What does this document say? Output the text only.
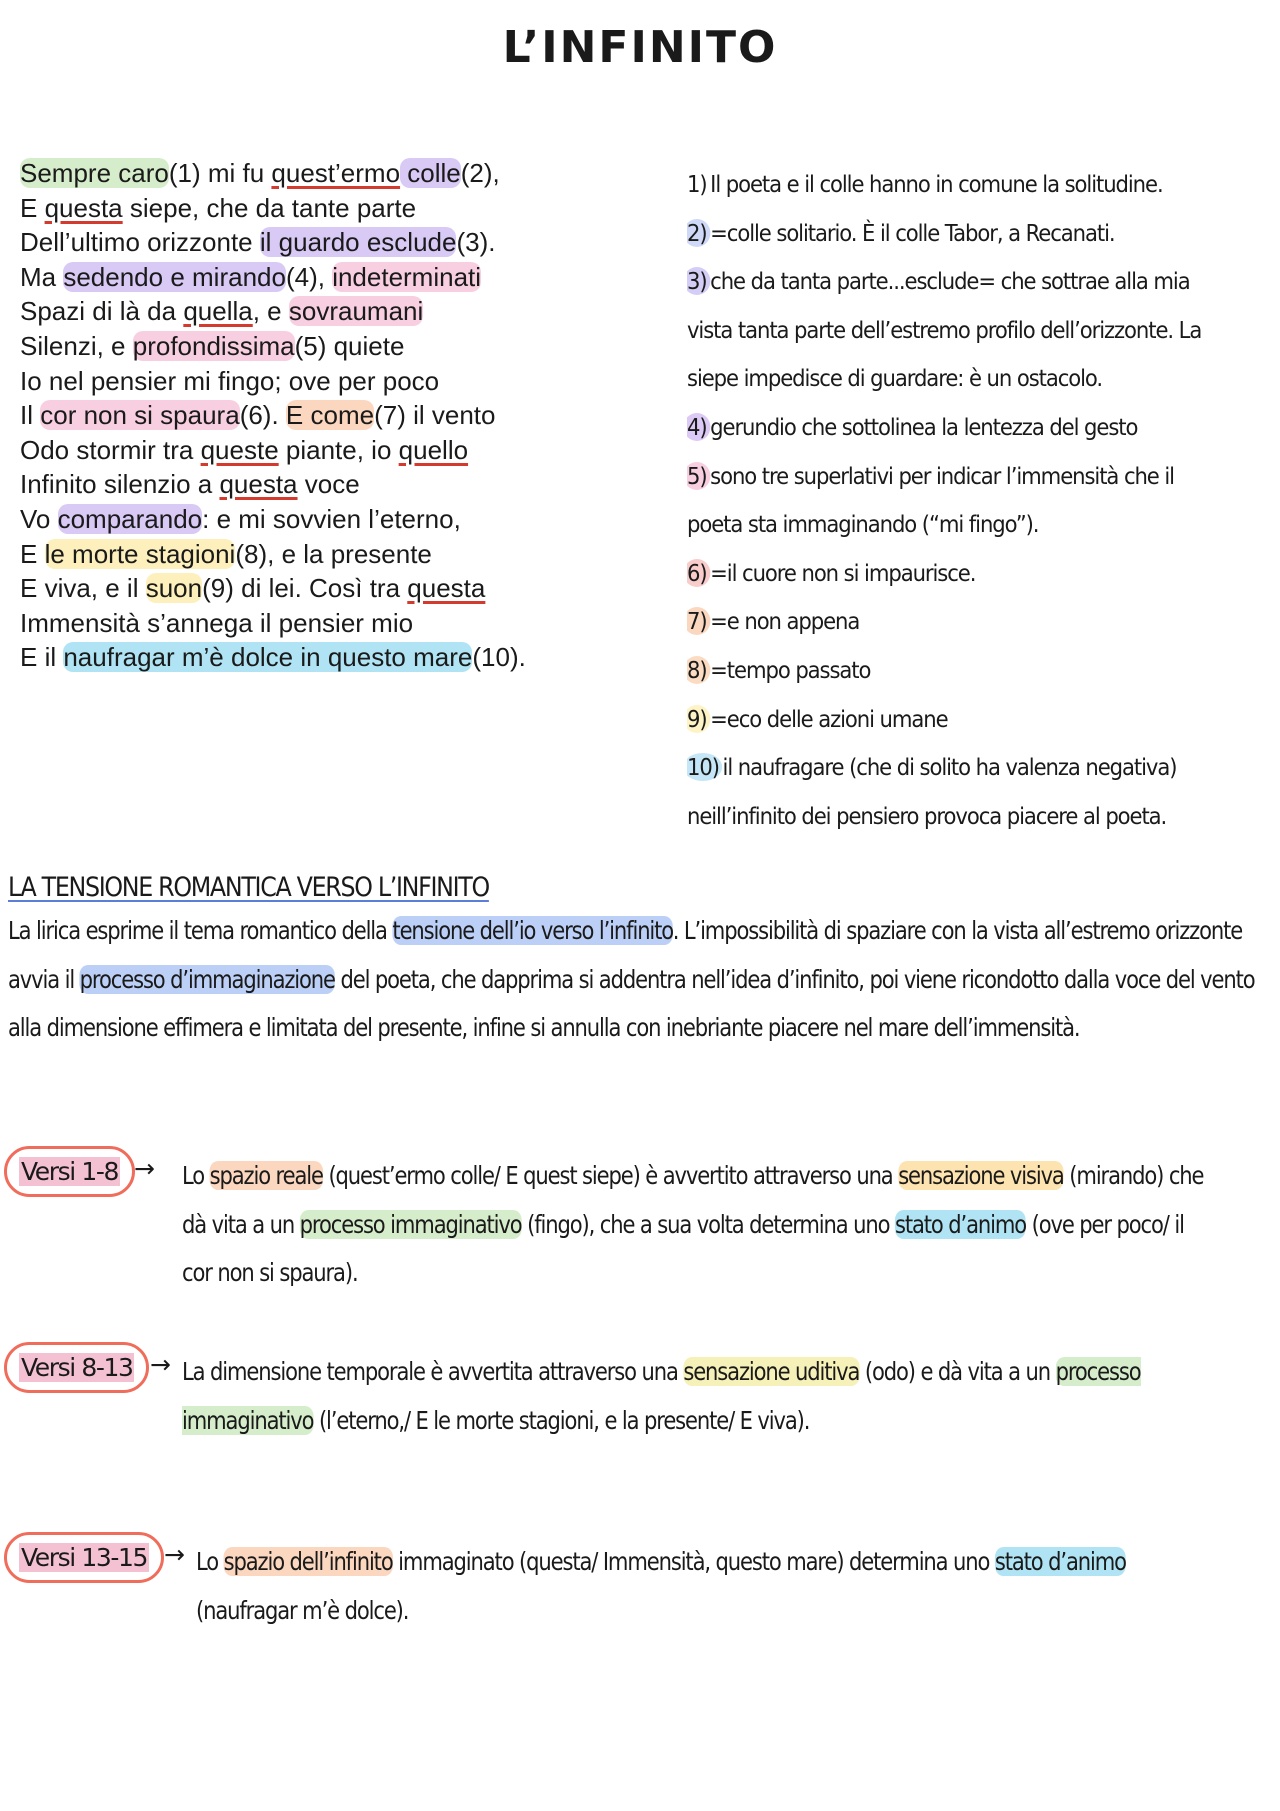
L’INFINITO
Sempre caro(1) mi fu quest’ermo colle(2),
E questa siepe, che da tante parte
Dell’ultimo orizzonte il guardo esclude(3).
Ma sedendo e mirando(4), indeterminati
Spazi di là da quella, e sovraumani
Silenzi, e profondissima(5) quiete
Io nel pensier mi fingo; ove per poco
Il cor non si spaura(6). E come(7) il vento
Odo stormir tra queste piante, io quello
Infinito silenzio a questa voce
Vo comparando: e mi sovvien l’eterno,
E le morte stagioni(8), e la presente
E viva, e il suon(9) di lei. Così tra questa
Immensità s’annega il pensier mio
E il naufragar m’è dolce in questo mare(10).
1) Il poeta e il colle hanno in comune la solitudine.
2) =colle solitario. È il colle Tabor, a Recanati.
3) che da tanta parte...esclude= che sottrae alla mia
vista tanta parte dell’estremo profilo dell’orizzonte. La
siepe impedisce di guardare: è un ostacolo.
4) gerundio che sottolinea la lentezza del gesto
5) sono tre superlativi per indicar l’immensità che il
poeta sta immaginando (“mi fingo”).
6) =il cuore non si impaurisce.
7) =e non appena
8) =tempo passato
9) =eco delle azioni umane
10) il naufragare (che di solito ha valenza negativa)
neill’infinito dei pensiero provoca piacere al poeta.
LA TENSIONE ROMANTICA VERSO L’INFINITO

La lirica esprime il tema romantico della tensione dell’io verso l’infinito. L’impossibilità di spaziare con la vista all’estremo orizzonte avvia il processo d’immaginazione del poeta, che dapprima si addentra nell’idea d’infinito, poi viene ricondotto dalla voce del vento alla dimensione effimera e limitata del presente, infine si annulla con inebriante piacere nel mare dell’immensità.

Versi 1-8 → Lo spazio reale (quest’ermo colle/ E quest siepe) è avvertito attraverso una sensazione visiva (mirando) che dà vita a un processo immaginativo (fingo), che a sua volta determina uno stato d’animo (ove per poco/ il cor non si spaura).
Versi 8-13 → La dimensione temporale è avvertita attraverso una sensazione uditiva (odo) e dà vita a un processo immaginativo (l’eterno,/ E le morte stagioni, e la presente/ E viva).
Versi 13-15 → Lo spazio dell’infinito immaginato (questa/ Immensità, questo mare) determina uno stato d’animo (naufragar m’è dolce).
